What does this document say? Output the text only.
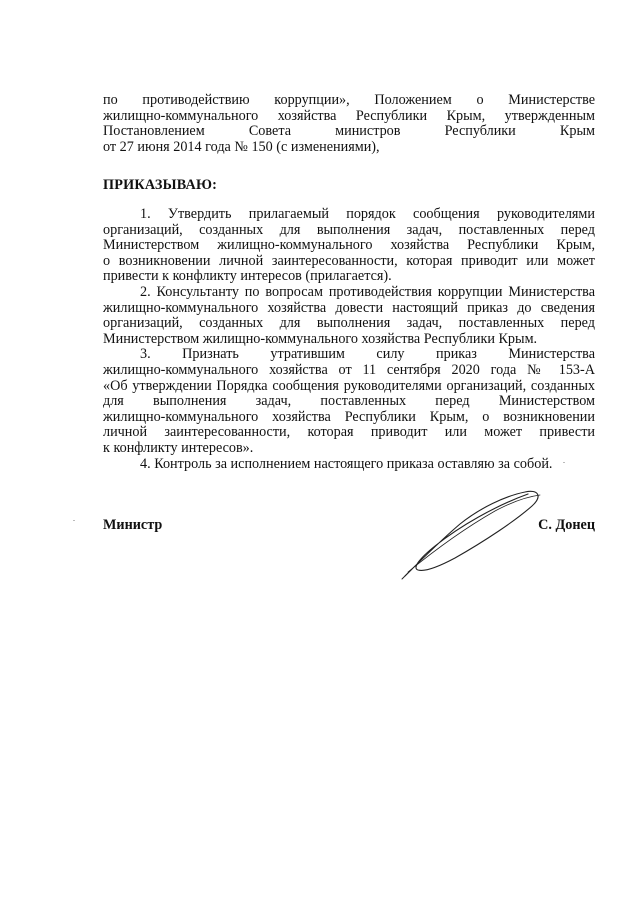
по противодействию коррупции», Положением о Министерстве
жилищно-коммунального хозяйства Республики Крым, утвержденным
Постановлением Совета министров Республики Крым
от 27 июня 2014 года № 150 (с изменениями),
ПРИКАЗЫВАЮ:
1. Утвердить прилагаемый порядок сообщения руководителями
организаций, созданных для выполнения задач, поставленных перед
Министерством жилищно-коммунального хозяйства Республики Крым,
о возникновении личной заинтересованности, которая приводит или может
привести к конфликту интересов (прилагается).
2. Консультанту по вопросам противодействия коррупции Министерства
жилищно-коммунального хозяйства довести настоящий приказ до сведения
организаций, созданных для выполнения задач, поставленных перед
Министерством жилищно-коммунального хозяйства Республики Крым.
3. Признать утратившим силу приказ Министерства
жилищно-коммунального хозяйства от 11 сентября 2020 года № 153-А
«Об утверждении Порядка сообщения руководителями организаций, созданных
для выполнения задач, поставленных перед Министерством
жилищно-коммунального хозяйства Республики Крым, о возникновении
личной заинтересованности, которая приводит или может привести
к конфликту интересов».
4. Контроль за исполнением настоящего приказа оставляю за собой.
Министр	С. Донец
